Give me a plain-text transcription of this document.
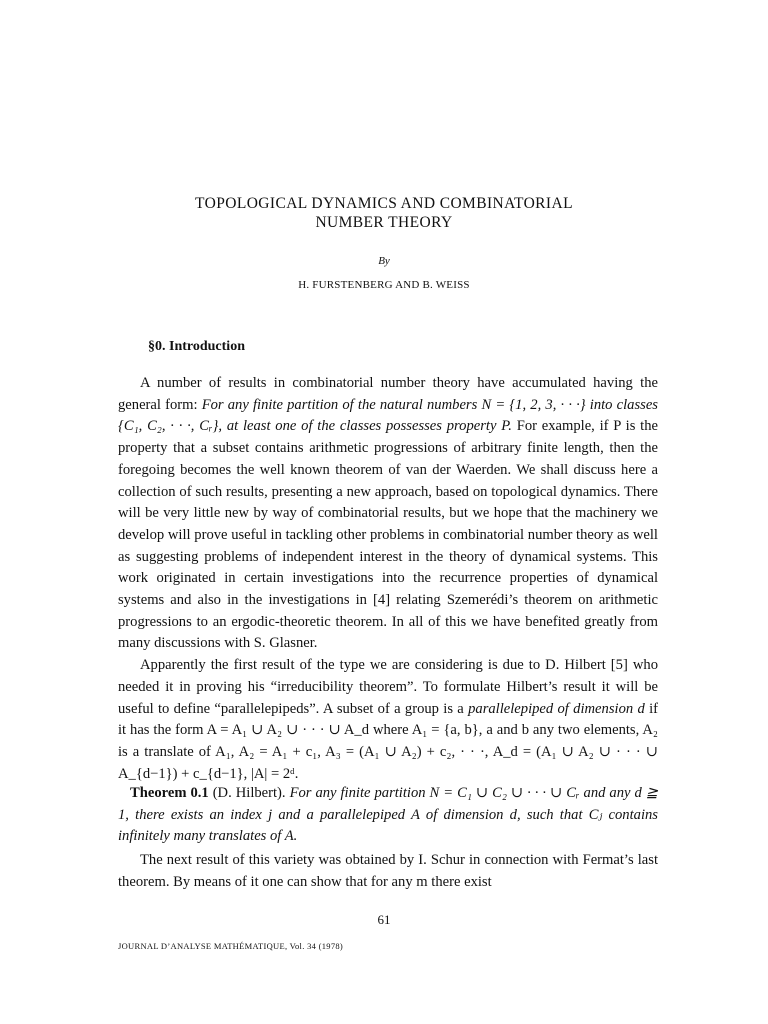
TOPOLOGICAL DYNAMICS AND COMBINATORIAL
NUMBER THEORY
By
H. FURSTENBERG AND B. WEISS
§0. Introduction

A number of results in combinatorial number theory have accumulated having the general form: For any finite partition of the natural numbers N = {1, 2, 3, · · ·} into classes {C₁, C₂, · · ·, Cᵣ}, at least one of the classes possesses property P. For example, if P is the property that a subset contains arithmetic progressions of arbitrary finite length, then the foregoing becomes the well known theorem of van der Waerden. We shall discuss here a collection of such results, presenting a new approach, based on topological dynamics. There will be very little new by way of combinatorial results, but we hope that the machinery we develop will prove useful in tackling other problems in combinatorial number theory as well as suggesting problems of independent interest in the theory of dynamical systems. This work originated in certain investigations into the recurrence properties of dynamical systems and also in the investigations in [4] relating Szemerédi’s theorem on arithmetic progressions to an ergodic-theoretic theorem. In all of this we have benefited greatly from many discussions with S. Glasner.

Apparently the first result of the type we are considering is due to D. Hilbert [5] who needed it in proving his “irreducibility theorem”. To formulate Hilbert’s result it will be useful to define “parallelepipeds”. A subset of a group is a parallelepiped of dimension d if it has the form A = A₁ ∪ A₂ ∪ · · · ∪ A_d where A₁ = {a, b}, a and b any two elements, A₂ is a translate of A₁, A₂ = A₁ + c₁, A₃ = (A₁ ∪ A₂) + c₂, · · ·, A_d = (A₁ ∪ A₂ ∪ · · · ∪ A_{d−1}) + c_{d−1}, |A| = 2ᵈ.

Theorem 0.1 (D. Hilbert). For any finite partition N = C₁ ∪ C₂ ∪ · · · ∪ Cᵣ and any d ≧ 1, there exists an index j and a parallelepiped A of dimension d, such that Cⱼ contains infinitely many translates of A.

The next result of this variety was obtained by I. Schur in connection with Fermat’s last theorem. By means of it one can show that for any m there exist

61
JOURNAL D’ANALYSE MATHÉMATIQUE, Vol. 34 (1978)
